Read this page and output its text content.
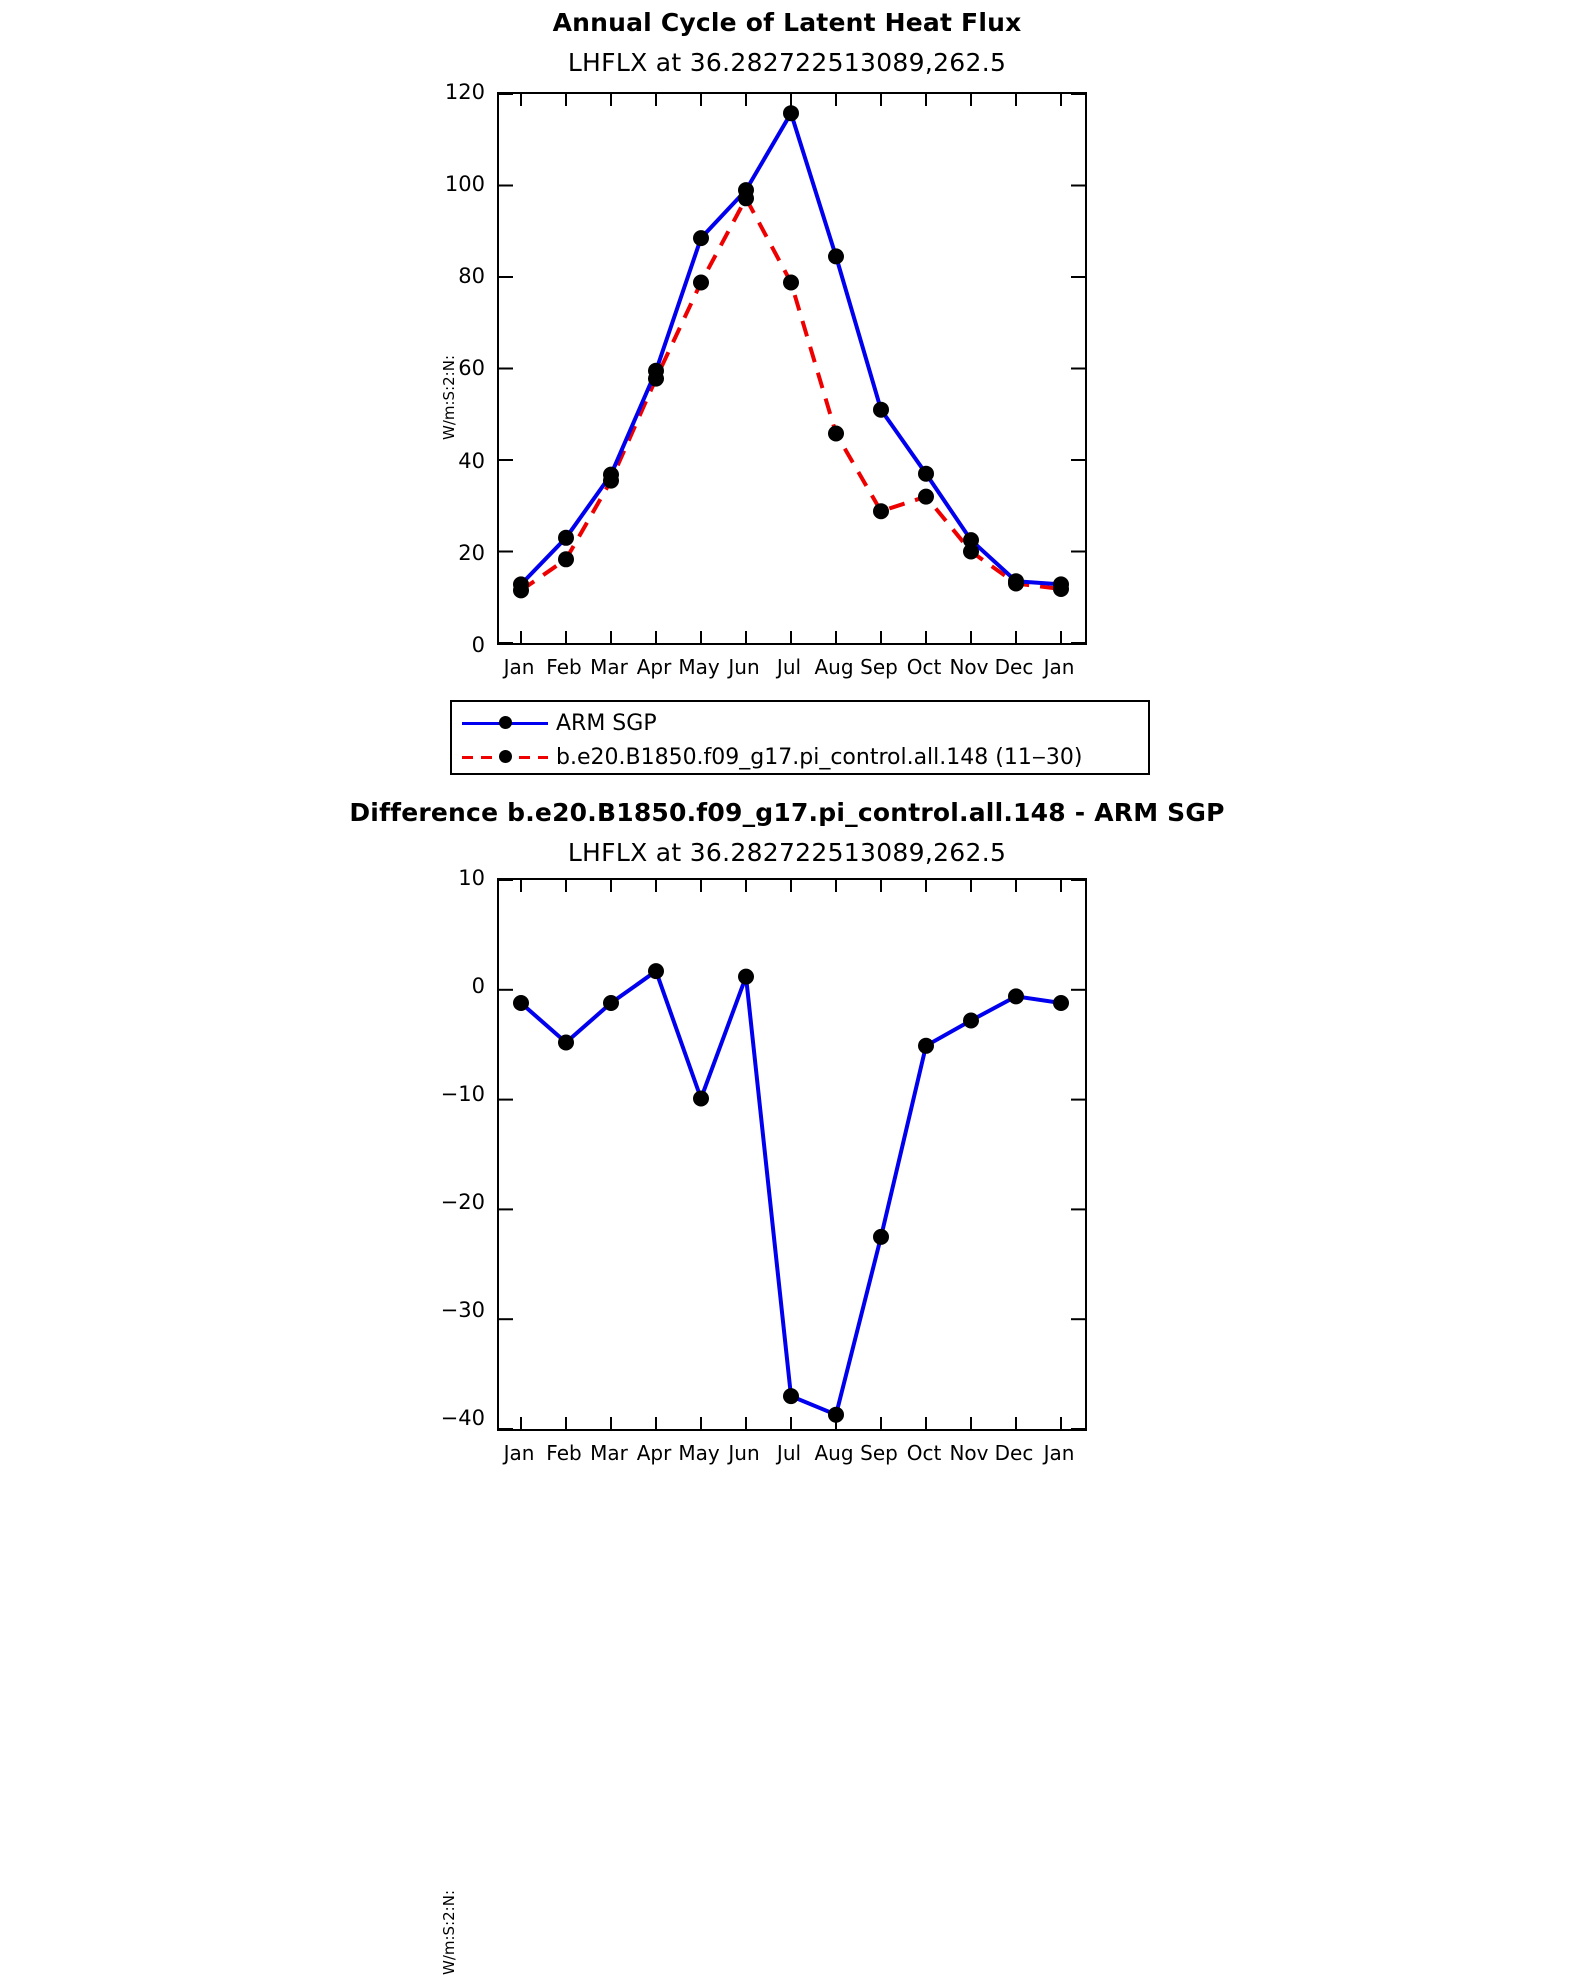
Annual Cycle of Latent Heat Flux
LHFLX at 36.282722513089,262.5
W/m:S:2:N:
120
100
80
60
40
20
0
Jan Feb Mar Apr May Jun Jul Aug Sep Oct Nov Dec Jan
ARM SGP
b.e20.B1850.f09_g17.pi_control.all.148 (11‒30)
Difference b.e20.B1850.f09_g17.pi_control.all.148 - ARM SGP
LHFLX at 36.282722513089,262.5
W/m:S:2:N:
10
0
−10
−20
−30
−40
Jan Feb Mar Apr May Jun Jul Aug Sep Oct Nov Dec Jan
